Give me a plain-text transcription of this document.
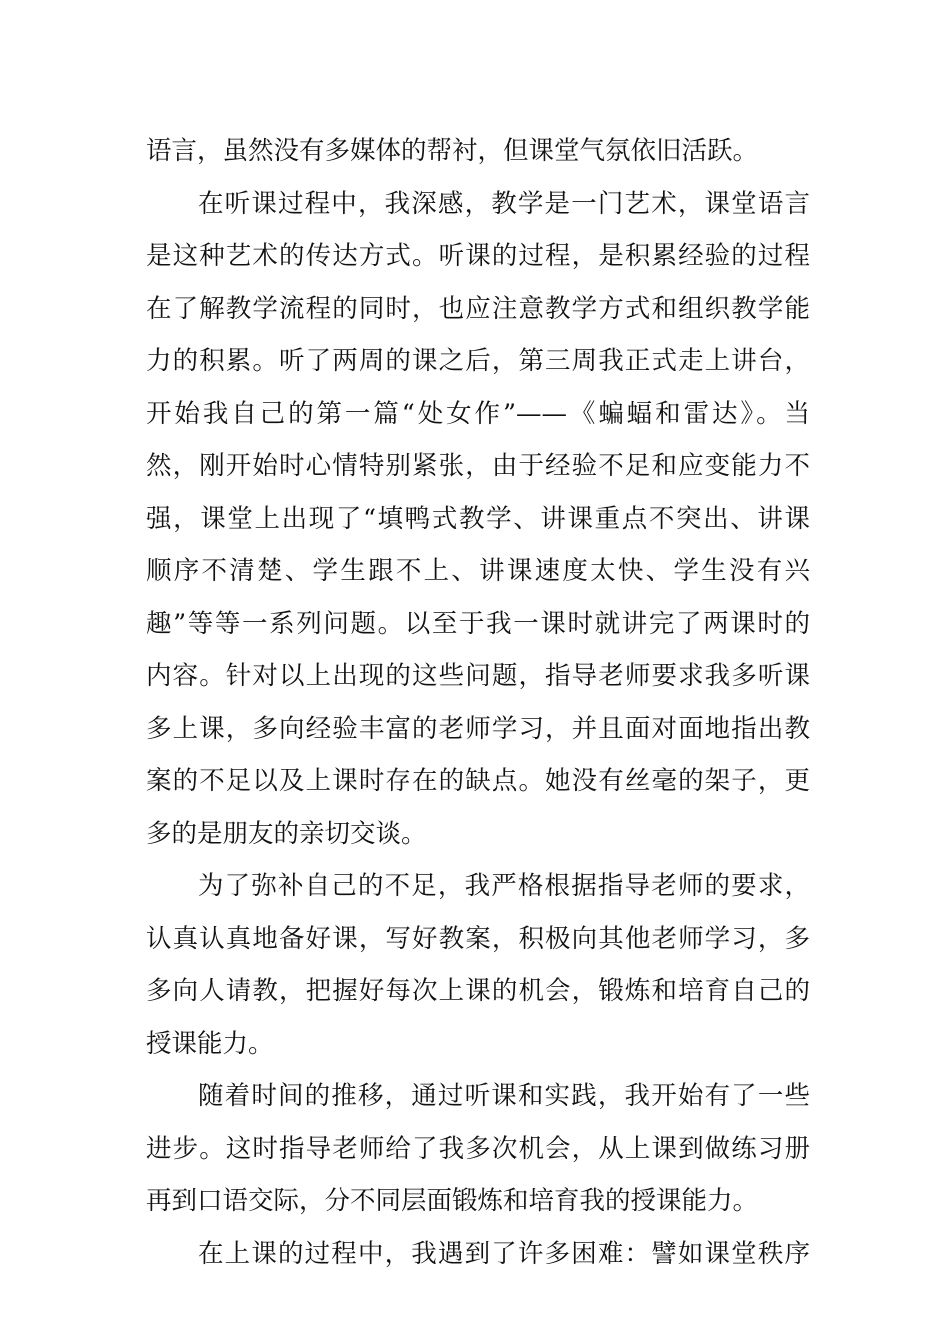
语言，虽然没有多媒体的帮衬，但课堂气氛依旧活跃。
在听课过程中，我深感，教学是一门艺术，课堂语言
是这种艺术的传达方式。听课的过程，是积累经验的过程
在了解教学流程的同时，也应注意教学方式和组织教学能
力的积累。听了两周的课之后，第三周我正式走上讲台，
开始我自己的第一篇“处女作”——《蝙蝠和雷达》。当
然，刚开始时心情特别紧张，由于经验不足和应变能力不
强，课堂上出现了“填鸭式教学、讲课重点不突出、讲课
顺序不清楚、学生跟不上、讲课速度太快、学生没有兴
趣”等等一系列问题。以至于我一课时就讲完了两课时的
内容。针对以上出现的这些问题，指导老师要求我多听课
多上课，多向经验丰富的老师学习，并且面对面地指出教
案的不足以及上课时存在的缺点。她没有丝毫的架子，更
多的是朋友的亲切交谈。
为了弥补自己的不足，我严格根据指导老师的要求，
认真认真地备好课，写好教案，积极向其他老师学习，多
多向人请教，把握好每次上课的机会，锻炼和培育自己的
授课能力。
随着时间的推移，通过听课和实践，我开始有了一些
进步。这时指导老师给了我多次机会，从上课到做练习册
再到口语交际，分不同层面锻炼和培育我的授课能力。
在上课的过程中，我遇到了许多困难：譬如课堂秩序
